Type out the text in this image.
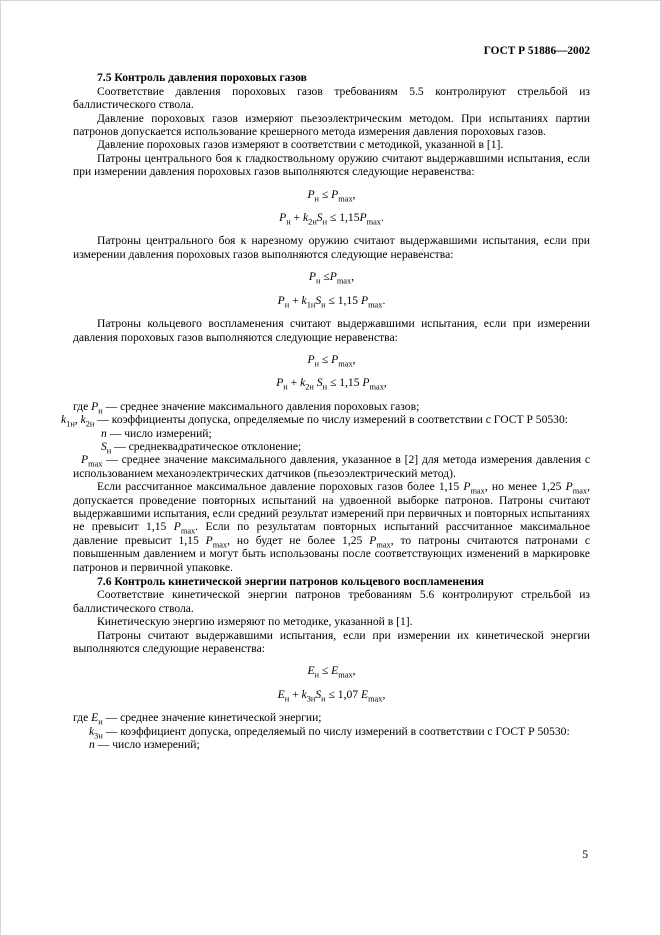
ГОСТ Р 51886—2002
7.5 Контроль давления пороховых газов
Соответствие давления пороховых газов требованиям 5.5 контролируют стрельбой из баллистического ствола.
Давление пороховых газов измеряют пьезоэлектрическим методом. При испытаниях партии патронов допускается использование крешерного метода измерения давления пороховых газов.
Давление пороховых газов измеряют в соответствии с методикой, указанной в [1].
Патроны центрального боя к гладкоствольному оружию считают выдержавшими испытания, если при измерении давления пороховых газов выполняются следующие неравенства:
$P_н \le P_{max}$,
$P_н + k_{2н}S_н \le 1,15P_{max}$.
Патроны центрального боя к нарезному оружию считают выдержавшими испытания, если при измерении давления пороховых газов выполняются следующие неравенства:
$P_н \le P_{max}$,
$P_н + k_{1н}S_н \le 1,15$ $P_{max}$.
Патроны кольцевого воспламенения считают выдержавшими испытания, если при измерении давления пороховых газов выполняются следующие неравенства:
$P_н \le P_{max}$,
$P_н + k_{2н}$ $S_н \le 1,15$ $P_{max}$,
где $P_н$ — среднее значение максимального давления пороховых газов;
$k_{1н}$, $k_{2н}$ — коэффициенты допуска, определяемые по числу измерений в соответствии с ГОСТ Р 50530:
n — число измерений;
$S_н$ — среднеквадратическое отклонение;
$P_{max}$ — среднее значение максимального давления, указанное в [2] для метода измерения давления с использованием механоэлектрических датчиков (пьезоэлектрический метод).
Если рассчитанное максимальное давление пороховых газов более 1,15 $P_{max}$, но менее 1,25 $P_{max}$, допускается проведение повторных испытаний на удвоенной выборке патронов. Патроны считают выдержавшими испытания, если средний результат измерений при первичных и повторных испытаниях не превысит 1,15 $P_{max}$. Если по результатам повторных испытаний рассчитанное максимальное давление превысит 1,15 $P_{max}$, но будет не более 1,25 $P_{max}$, то патроны считаются патронами с повышенным давлением и могут быть использованы после соответствующих изменений в маркировке патронов и первичной упаковке.
7.6 Контроль кинетической энергии патронов кольцевого воспламенения
Соответствие кинетической энергии патронов требованиям 5.6 контролируют стрельбой из баллистического ствола.
Кинетическую энергию измеряют по методике, указанной в [1].
Патроны считают выдержавшими испытания, если при измерении их кинетической энергии выполняются следующие неравенства:
$E_н \le E_{max}$,
$E_н + k_{3н}S_н \le 1,07$ $E_{max}$,
где $E_н$ — среднее значение кинетической энергии;
$k_{3н}$ — коэффициент допуска, определяемый по числу измерений в соответствии с ГОСТ Р 50530:
n — число измерений;
5
